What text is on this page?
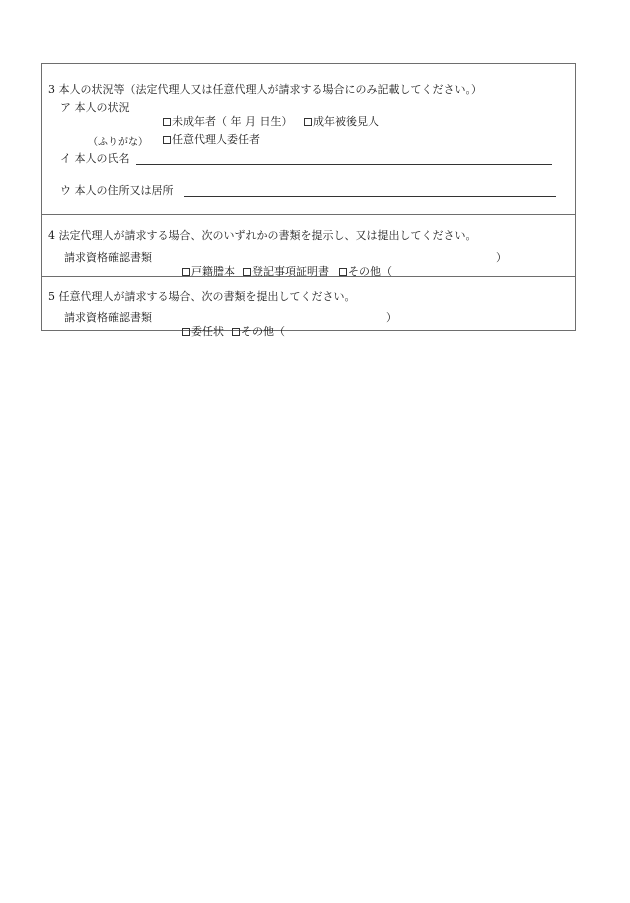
3 本人の状況等（法定代理人又は任意代理人が請求する場合にのみ記載してください。）
ア 本人の状況

未成年者（ 年 月 日生）
	成年被後見人

任意代理人委任者

（ふりがな）
イ 本人の氏名
ウ 本人の住所又は居所
4 法定代理人が請求する場合、次のいずれかの書類を提示し、又は提出してください。
請求資格確認書類

戸籍謄本
	登記事項証明書
	その他（

）
5 任意代理人が請求する場合、次の書類を提出してください。
請求資格確認書類

委任状
	その他（

）
